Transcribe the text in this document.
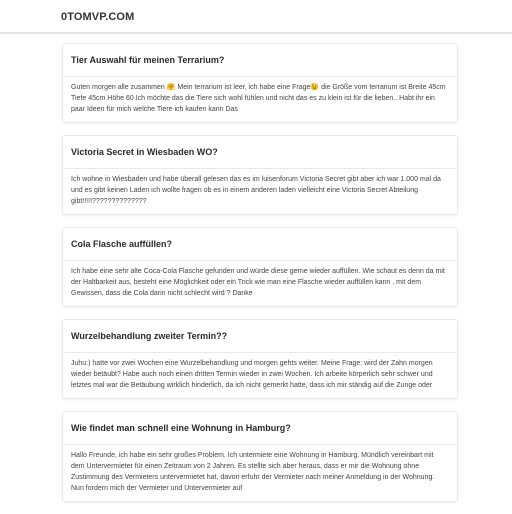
0TOMVP.COM
Tier Auswahl für meinen Terrarium?
Guten morgen alle zusammen 🤗 Mein terrarium ist leer, ich habe eine Frage😉 die Größe vom terrarium ist Breite 45cm Tiefe 45cm Höhe 60 Ich möchte das die Tiere sich wohl fühlen und nicht das es zu klein ist für die lieben.. Habt ihr ein paar Ideen für mich welche Tiere ich kaufen kann Das
Victoria Secret in Wiesbaden WO?
Ich wohne in Wiesbaden und habe überall gelesen das es im luisenforum Victoria Secret gibt aber ich war 1.000 mal da und es gibt keinen Laden ich wollte fragen ob es in einem anderen laden vielleicht eine Victoria Secret Abteilung gibt!!!!!??????????????
Cola Flasche auffüllen?
Ich habe eine sehr alte Coca-Cola Flasche gefunden und würde diese gerne wieder auffüllen. Wie schaut es denn da mit der Haltbarkeit aus, besteht eine Möglichkeit oder ein Trick wie man eine Flasche wieder auffüllen kann , mit dem Gewissen, dass die Cola darin nicht schlecht wird ? Danke
Wurzelbehandlung zweiter Termin??
Juhu:) hatte vor zwei Wochen eine Wurzelbehandlung und morgen gehts weiter. Meine Frage: wird der Zahn morgen wieder betäubt? Habe auch noch einen dritten Termin wieder in zwei Wochen. Ich arbeite körperlich sehr schwer und letztes mal war die Betäubung wirklich hinderlich, da ich nicht gemerkt hatte, dass ich mir ständig auf die Zunge oder
Wie findet man schnell eine Wohnung in Hamburg?
Hallo Freunde, ich habe ein sehr großes Problem. Ich untermiete eine Wohnung in Hamburg. Mündlich vereinbart mit dem Untervermieter für einen Zeitraum von 2 Jahren. Es stellte sich aber heraus, dass er mir die Wohnung ohne Zustimmung des Vermieters untervermietet hat, davon erfuhr der Vermieter nach meiner Anmeldung in der Wohnung. Nun fordern mich der Vermieter und Untervermieter auf
